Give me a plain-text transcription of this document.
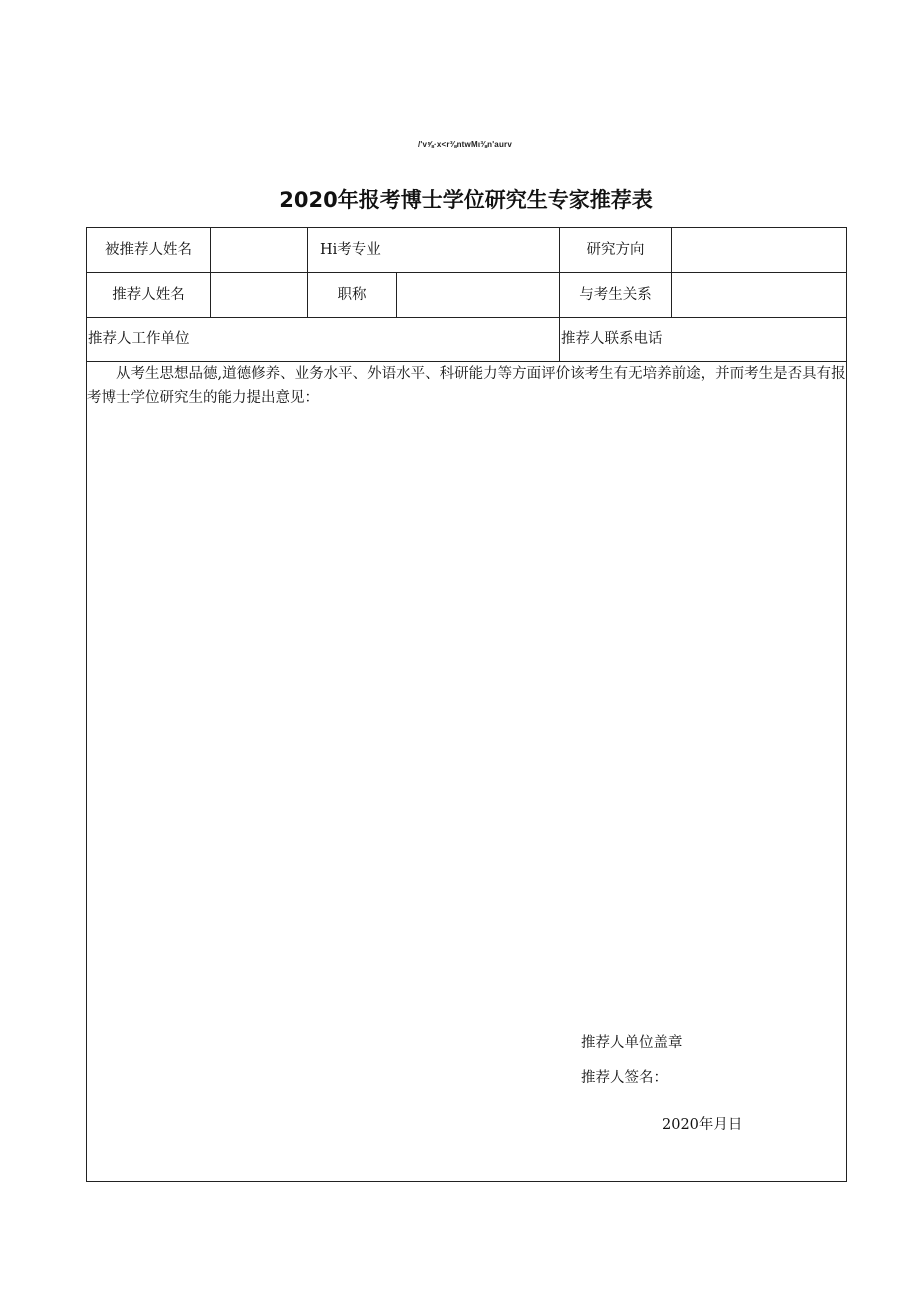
/'v⅝·x<r⅜ntwMι⅜n'aurv
2020年报考博士学位研究生专家推荐表
被推荐人姓名	Hi考专业	研究方向
推荐人姓名	职称	与考生关系
推荐人工作单位	推荐人联系电话

从考生思想品德,道德修养、业务水平、外语水平、科研能力等方面评价该考生有无培养前途，并而考生是否具有报考博士学位研究生的能力提出意见：

推荐人单位盖章
推荐人签名：
2020年月日
